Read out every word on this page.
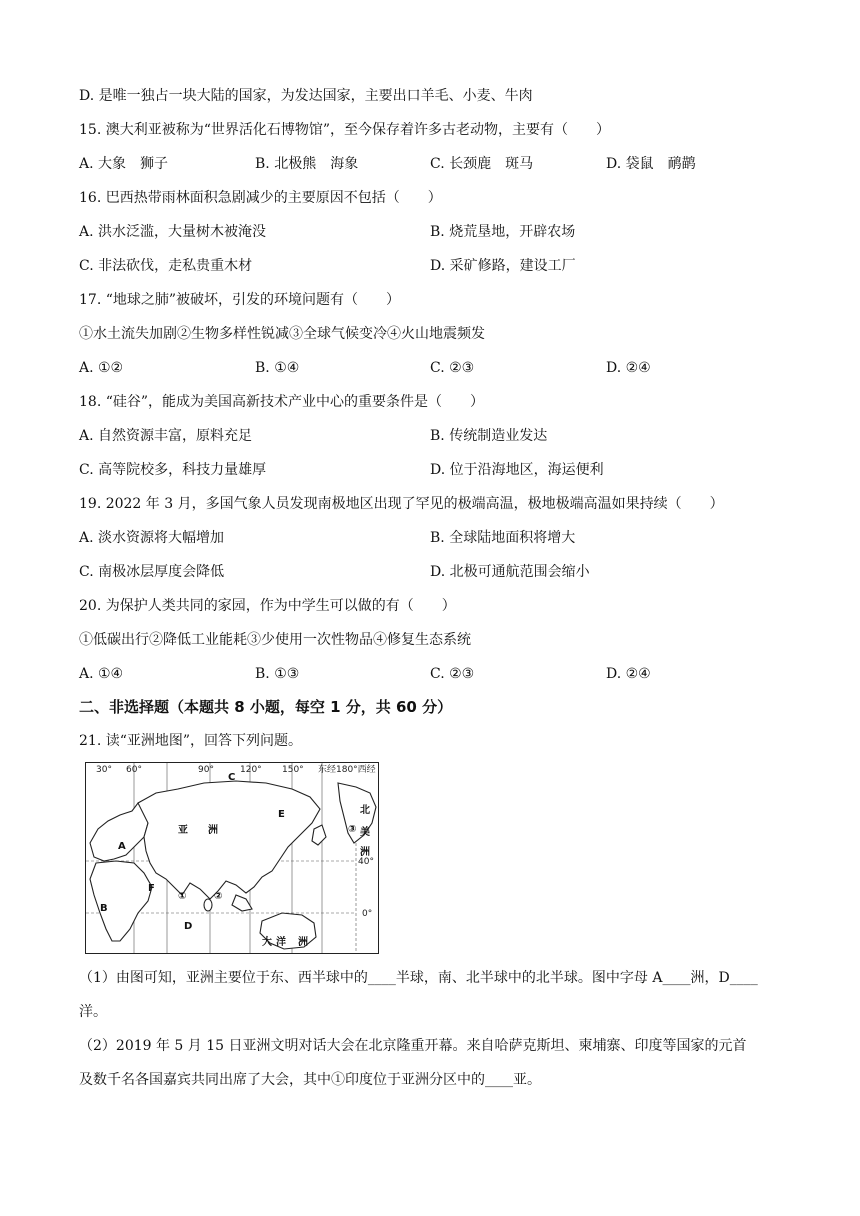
D. 是唯一独占一块大陆的国家，为发达国家，主要出口羊毛、小麦、牛肉
15. 澳大利亚被称为“世界活化石博物馆”，至今保存着许多古老动物，主要有（　　）
A. 大象　狮子	B. 北极熊　海象	C. 长颈鹿　斑马	D. 袋鼠　鸸鹋
16. 巴西热带雨林面积急剧减少的主要原因不包括（　　）
A. 洪水泛滥，大量树木被淹没	B. 烧荒垦地，开辟农场
C. 非法砍伐，走私贵重木材	D. 采矿修路，建设工厂
17. “地球之肺”被破坏，引发的环境问题有（　　）
①水土流失加剧②生物多样性锐减③全球气候变冷④火山地震频发
A. ①②	B. ①④	C. ②③	D. ②④
18. “硅谷”，能成为美国高新技术产业中心的重要条件是（　　）
A. 自然资源丰富，原料充足	B. 传统制造业发达
C. 高等院校多，科技力量雄厚	D. 位于沿海地区，海运便利
19. 2022 年 3 月，多国气象人员发现南极地区出现了罕见的极端高温，极地极端高温如果持续（　　）
A. 淡水资源将大幅增加	B. 全球陆地面积将增大
C. 南极冰层厚度会降低	D. 北极可通航范围会缩小
20. 为保护人类共同的家园，作为中学生可以做的有（　　）
①低碳出行②降低工业能耗③少使用一次性物品④修复生态系统
A. ①④	B. ①③	C. ②③	D. ②④
二、非选择题（本题共 8 小题，每空 1 分，共 60 分）
21. 读“亚洲地图”，回答下列问题。
30° 60°	90°	120° 150° 东经180°西经
40°
0°
A
B
C
D
E
F
亚 洲
北
美
洲
大 洋 洲
①	②
③
（1）由图可知，亚洲主要位于东、西半球中的____半球，南、北半球中的北半球。图中字母 A____洲，D____
洋。
（2）2019 年 5 月 15 日亚洲文明对话大会在北京隆重开幕。来自哈萨克斯坦、柬埔寨、印度等国家的元首
及数千名各国嘉宾共同出席了大会，其中①印度位于亚洲分区中的____亚。
